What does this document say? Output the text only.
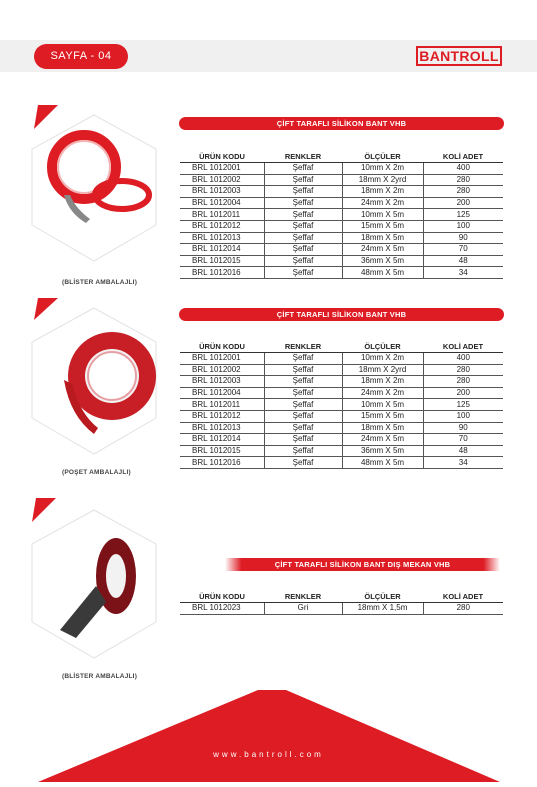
SAYFA - 04	BANTROLL
(BLİSTER AMBALAJLI)
ÇİFT TARAFLI SİLİKON BANT VHB
ÜRÜN KODU	RENKLER	ÖLÇÜLER	KOLİ ADET
BRL 1012001	Şeffaf	10mm X 2m	400
BRL 1012002	Şeffaf	18mm X 2yrd	280
BRL 1012003	Şeffaf	18mm X 2m	280
BRL 1012004	Şeffaf	24mm X 2m	200
BRL 1012011	Şeffaf	10mm X 5m	125
BRL 1012012	Şeffaf	15mm X 5m	100
BRL 1012013	Şeffaf	18mm X 5m	90
BRL 1012014	Şeffaf	24mm X 5m	70
BRL 1012015	Şeffaf	36mm X 5m	48
BRL 1012016	Şeffaf	48mm X 5m	34
(POŞET AMBALAJLI)
ÇİFT TARAFLI SİLİKON BANT VHB
ÜRÜN KODU	RENKLER	ÖLÇÜLER	KOLİ ADET
BRL 1012001	Şeffaf	10mm X 2m	400
BRL 1012002	Şeffaf	18mm X 2yrd	280
BRL 1012003	Şeffaf	18mm X 2m	280
BRL 1012004	Şeffaf	24mm X 2m	200
BRL 1012011	Şeffaf	10mm X 5m	125
BRL 1012012	Şeffaf	15mm X 5m	100
BRL 1012013	Şeffaf	18mm X 5m	90
BRL 1012014	Şeffaf	24mm X 5m	70
BRL 1012015	Şeffaf	36mm X 5m	48
BRL 1012016	Şeffaf	48mm X 5m	34
(BLİSTER AMBALAJLI)
ÇİFT TARAFLI SİLİKON BANT DIŞ MEKAN VHB
ÜRÜN KODU	RENKLER	ÖLÇÜLER	KOLİ ADET
BRL 1012023	Gri	18mm X 1,5m	280
www.bantroll.com
